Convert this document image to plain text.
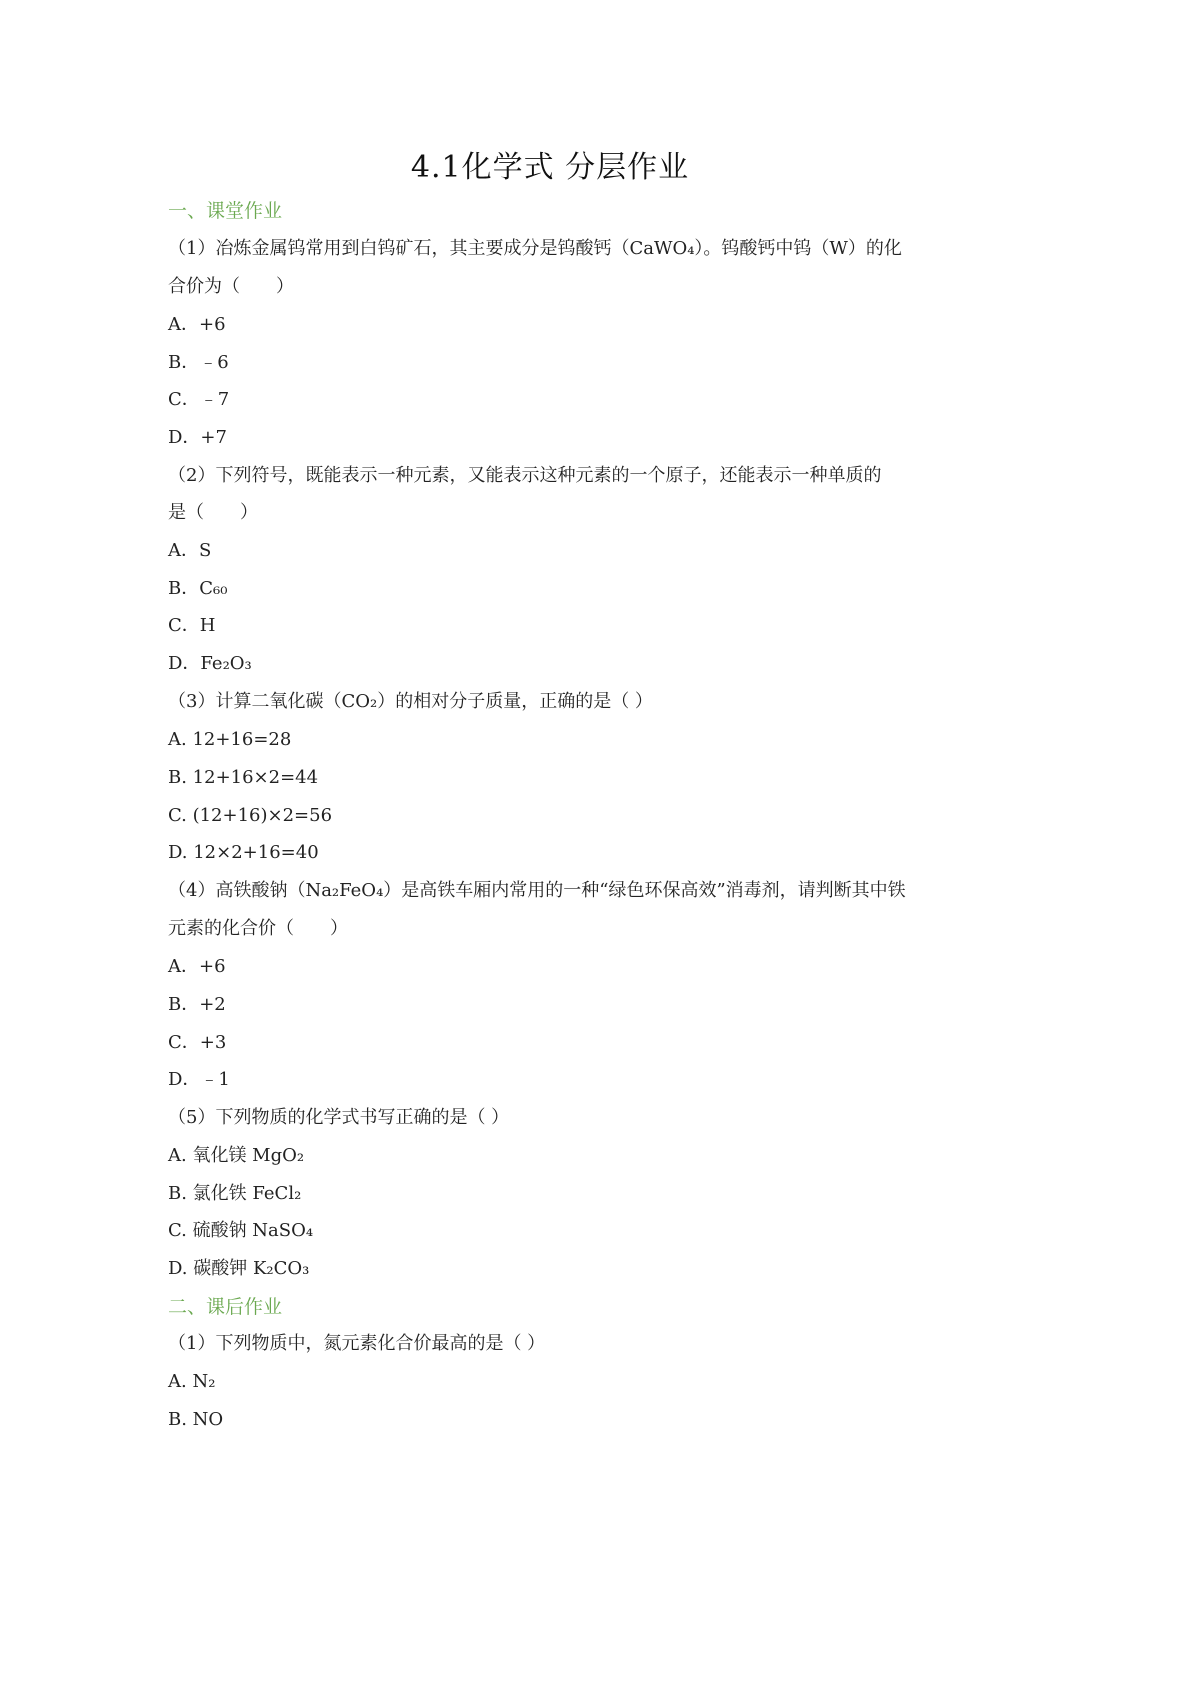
4.1化学式 分层作业
一、课堂作业
（1）冶炼金属钨常用到白钨矿石，其主要成分是钨酸钙（CaWO₄）。钨酸钙中钨（W）的化
合价为（　　）
A．+6
B．﹣6
C．﹣7
D．+7
（2）下列符号，既能表示一种元素，又能表示这种元素的一个原子，还能表示一种单质的
是（　　）
A．S
B．C₆₀
C．H
D．Fe₂O₃
（3）计算二氧化碳（CO₂）的相对分子质量，正确的是（ ）
A. 12+16=28
B. 12+16×2=44
C. (12+16)×2=56
D. 12×2+16=40
（4）高铁酸钠（Na₂FeO₄）是高铁车厢内常用的一种“绿色环保高效”消毒剂，请判断其中铁
元素的化合价（　　）
A．+6
B．+2
C．+3
D．﹣1
（5）下列物质的化学式书写正确的是（ ）
A. 氧化镁 MgO₂
B. 氯化铁 FeCl₂
C. 硫酸钠 NaSO₄
D. 碳酸钾 K₂CO₃
二、课后作业
（1）下列物质中，氮元素化合价最高的是（ ）
A. N₂
B. NO
